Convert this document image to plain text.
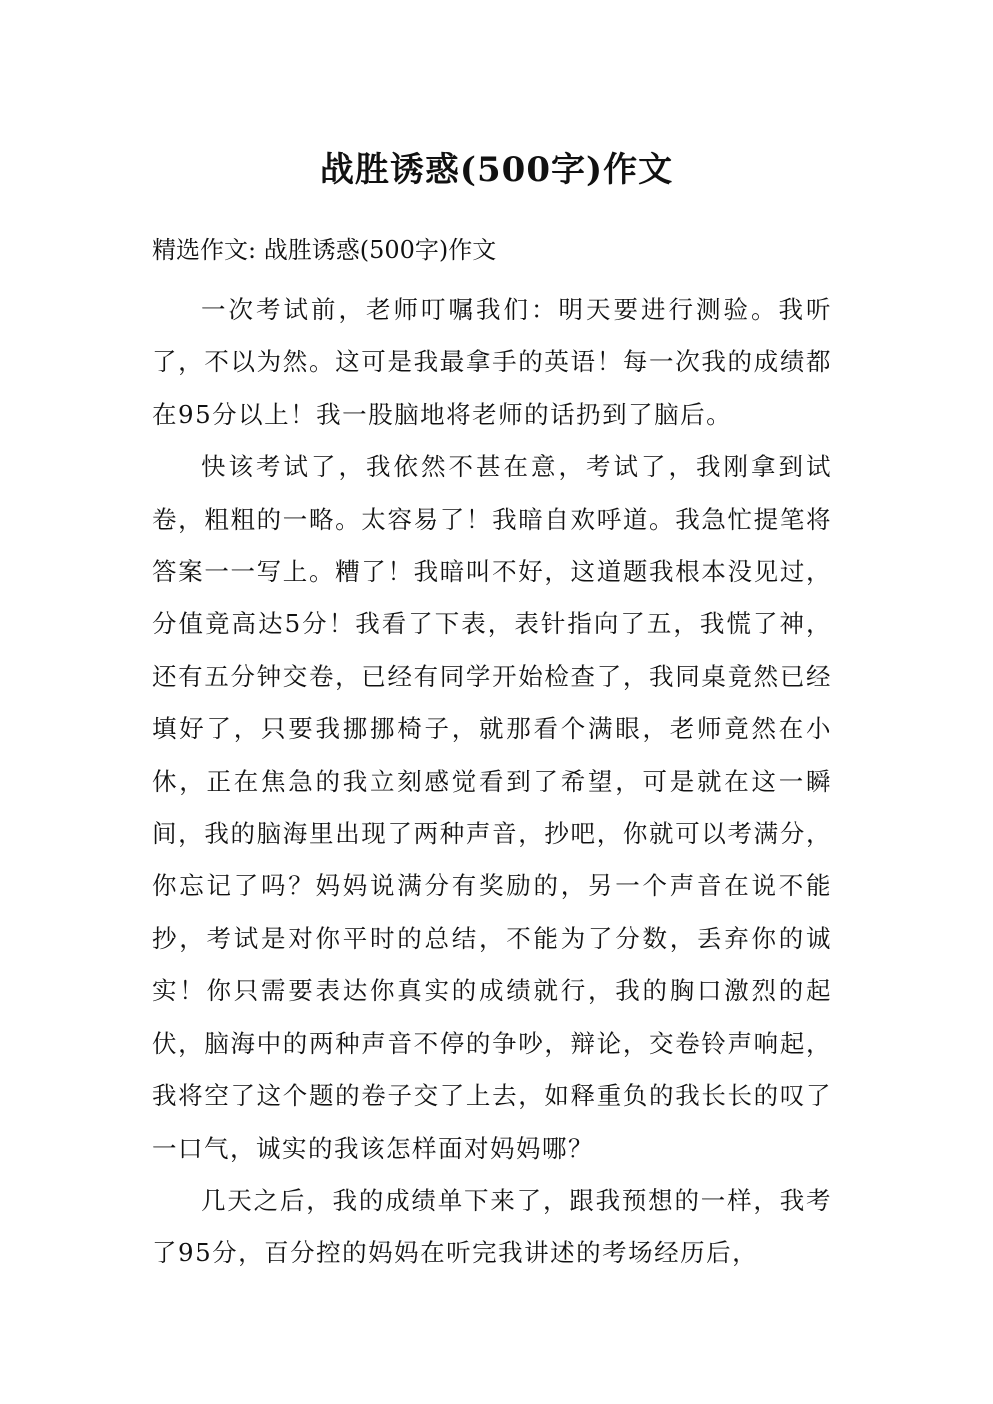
战胜诱惑(500字)作文
精选作文: 战胜诱惑(500字)作文

一次考试前，老师叮嘱我们：明天要进行测验。我听了，不以为然。这可是我最拿手的英语！每一次我的成绩都在95分以上！我一股脑地将老师的话扔到了脑后。

快该考试了，我依然不甚在意，考试了，我刚拿到试卷，粗粗的一略。太容易了！我暗自欢呼道。我急忙提笔将答案一一写上。糟了！我暗叫不好，这道题我根本没见过，分值竟高达5分！我看了下表，表针指向了五，我慌了神，还有五分钟交卷，已经有同学开始检查了，我同桌竟然已经填好了，只要我挪挪椅子，就那看个满眼，老师竟然在小休，正在焦急的我立刻感觉看到了希望，可是就在这一瞬间，我的脑海里出现了两种声音，抄吧，你就可以考满分，你忘记了吗？妈妈说满分有奖励的，另一个声音在说不能抄，考试是对你平时的总结，不能为了分数，丢弃你的诚实！你只需要表达你真实的成绩就行，我的胸口激烈的起伏，脑海中的两种声音不停的争吵，辩论，交卷铃声响起，我将空了这个题的卷子交了上去，如释重负的我长长的叹了一口气，诚实的我该怎样面对妈妈哪？

几天之后，我的成绩单下来了，跟我预想的一样，我考了95分，百分控的妈妈在听完我讲述的考场经历后，
